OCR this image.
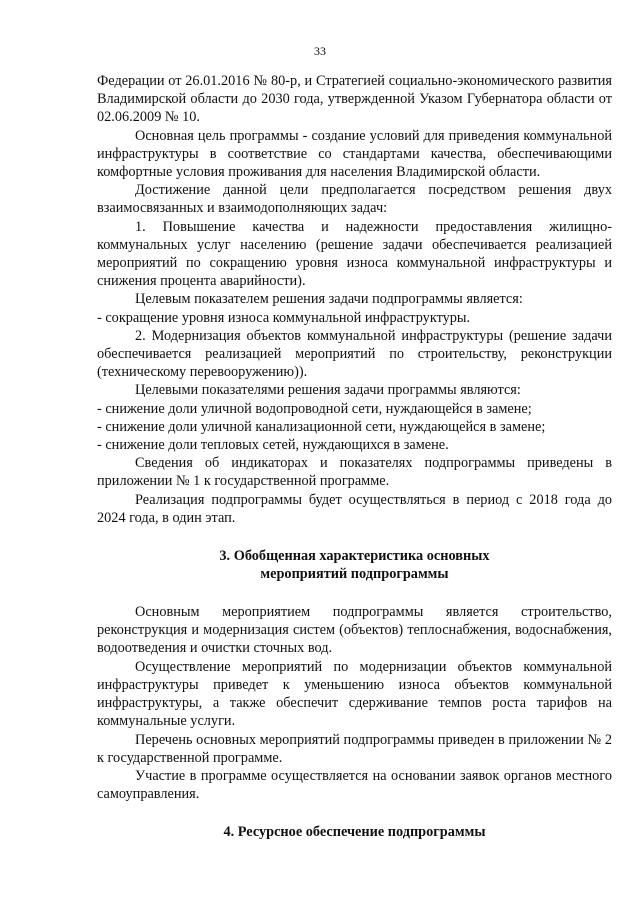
33

Федерации от 26.01.2016 № 80-р, и Стратегией социально-экономического развития Владимирской области до 2030 года, утвержденной Указом Губернатора области от 02.06.2009 № 10.

Основная цель программы - создание условий для приведения коммунальной инфраструктуры в соответствие со стандартами качества, обеспечивающими комфортные условия проживания для населения Владимирской области.

Достижение данной цели предполагается посредством решения двух взаимосвязанных и взаимодополняющих задач:

1. Повышение качества и надежности предоставления жилищно-коммунальных услуг населению (решение задачи обеспечивается реализацией мероприятий по сокращению уровня износа коммунальной инфраструктуры и снижения процента аварийности).

Целевым показателем решения задачи подпрограммы является:

- сокращение уровня износа коммунальной инфраструктуры.

2. Модернизация объектов коммунальной инфраструктуры (решение задачи обеспечивается реализацией мероприятий по строительству, реконструкции (техническому перевооружению)).

Целевыми показателями решения задачи программы являются:

- снижение доли уличной водопроводной сети, нуждающейся в замене;

- снижение доли уличной канализационной сети, нуждающейся в замене;

- снижение доли тепловых сетей, нуждающихся в замене.

Сведения об индикаторах и показателях подпрограммы приведены в приложении № 1 к государственной программе.

Реализация подпрограммы будет осуществляться в период с 2018 года до 2024 года, в один этап.

3. Обобщенная характеристика основных
мероприятий подпрограммы

Основным мероприятием подпрограммы является строительство, реконструкция и модернизация систем (объектов) теплоснабжения, водоснабжения, водоотведения и очистки сточных вод.

Осуществление мероприятий по модернизации объектов коммунальной инфраструктуры приведет к уменьшению износа объектов коммунальной инфраструктуры, а также обеспечит сдерживание темпов роста тарифов на коммунальные услуги.

Перечень основных мероприятий подпрограммы приведен в приложении № 2 к государственной программе.

Участие в программе осуществляется на основании заявок органов местного самоуправления.

4. Ресурсное обеспечение подпрограммы
